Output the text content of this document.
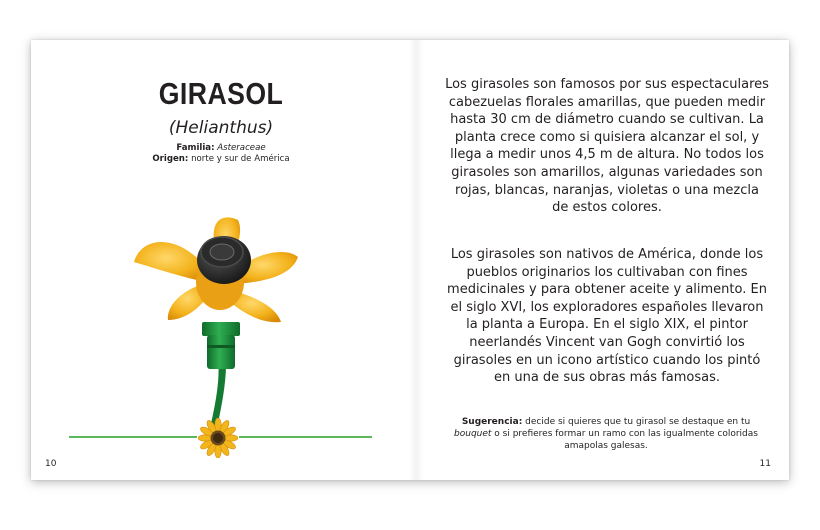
GIRASOL
(Helianthus)
Familia: Asteraceae
Origen: norte y sur de América
10

Los girasoles son famosos por sus espectaculares cabezuelas florales amarillas, que pueden medir hasta 30 cm de diámetro cuando se cultivan. La planta crece como si quisiera alcanzar el sol, y llega a medir unos 4,5 m de altura. No todos los girasoles son amarillos, algunas variedades son rojas, blancas, naranjas, violetas o una mezcla de estos colores.

Los girasoles son nativos de América, donde los pueblos originarios los cultivaban con fines medicinales y para obtener aceite y alimento. En el siglo XVI, los exploradores españoles llevaron la planta a Europa. En el siglo XIX, el pintor neerlandés Vincent van Gogh convirtió los girasoles en un icono artístico cuando los pintó en una de sus obras más famosas.

Sugerencia: decide si quieres que tu girasol se destaque en tu bouquet o si prefieres formar un ramo con las igualmente coloridas amapolas galesas.

11
